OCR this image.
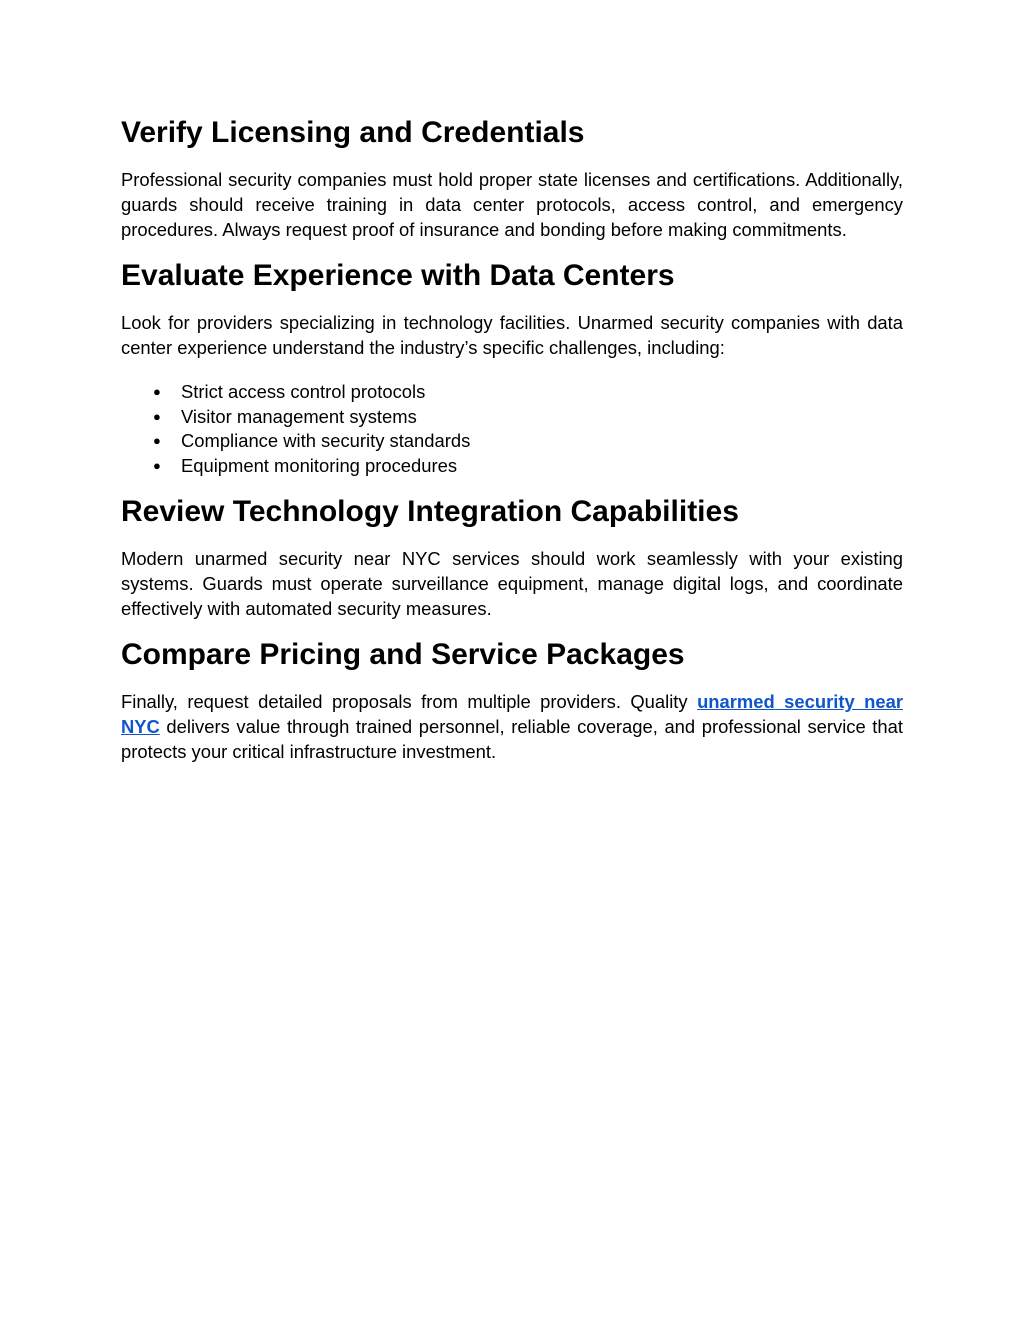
Verify Licensing and Credentials

Professional security companies must hold proper state licenses and certifications. Additionally, guards should receive training in data center protocols, access control, and emergency procedures. Always request proof of insurance and bonding before making commitments.

Evaluate Experience with Data Centers

Look for providers specializing in technology facilities. Unarmed security companies with data center experience understand the industry’s specific challenges, including:

● Strict access control protocols
● Visitor management systems
● Compliance with security standards
● Equipment monitoring procedures
Review Technology Integration Capabilities

Modern unarmed security near NYC services should work seamlessly with your existing systems. Guards must operate surveillance equipment, manage digital logs, and coordinate effectively with automated security measures.

Compare Pricing and Service Packages

Finally, request detailed proposals from multiple providers. Quality unarmed security near NYC delivers value through trained personnel, reliable coverage, and professional service that protects your critical infrastructure investment.
